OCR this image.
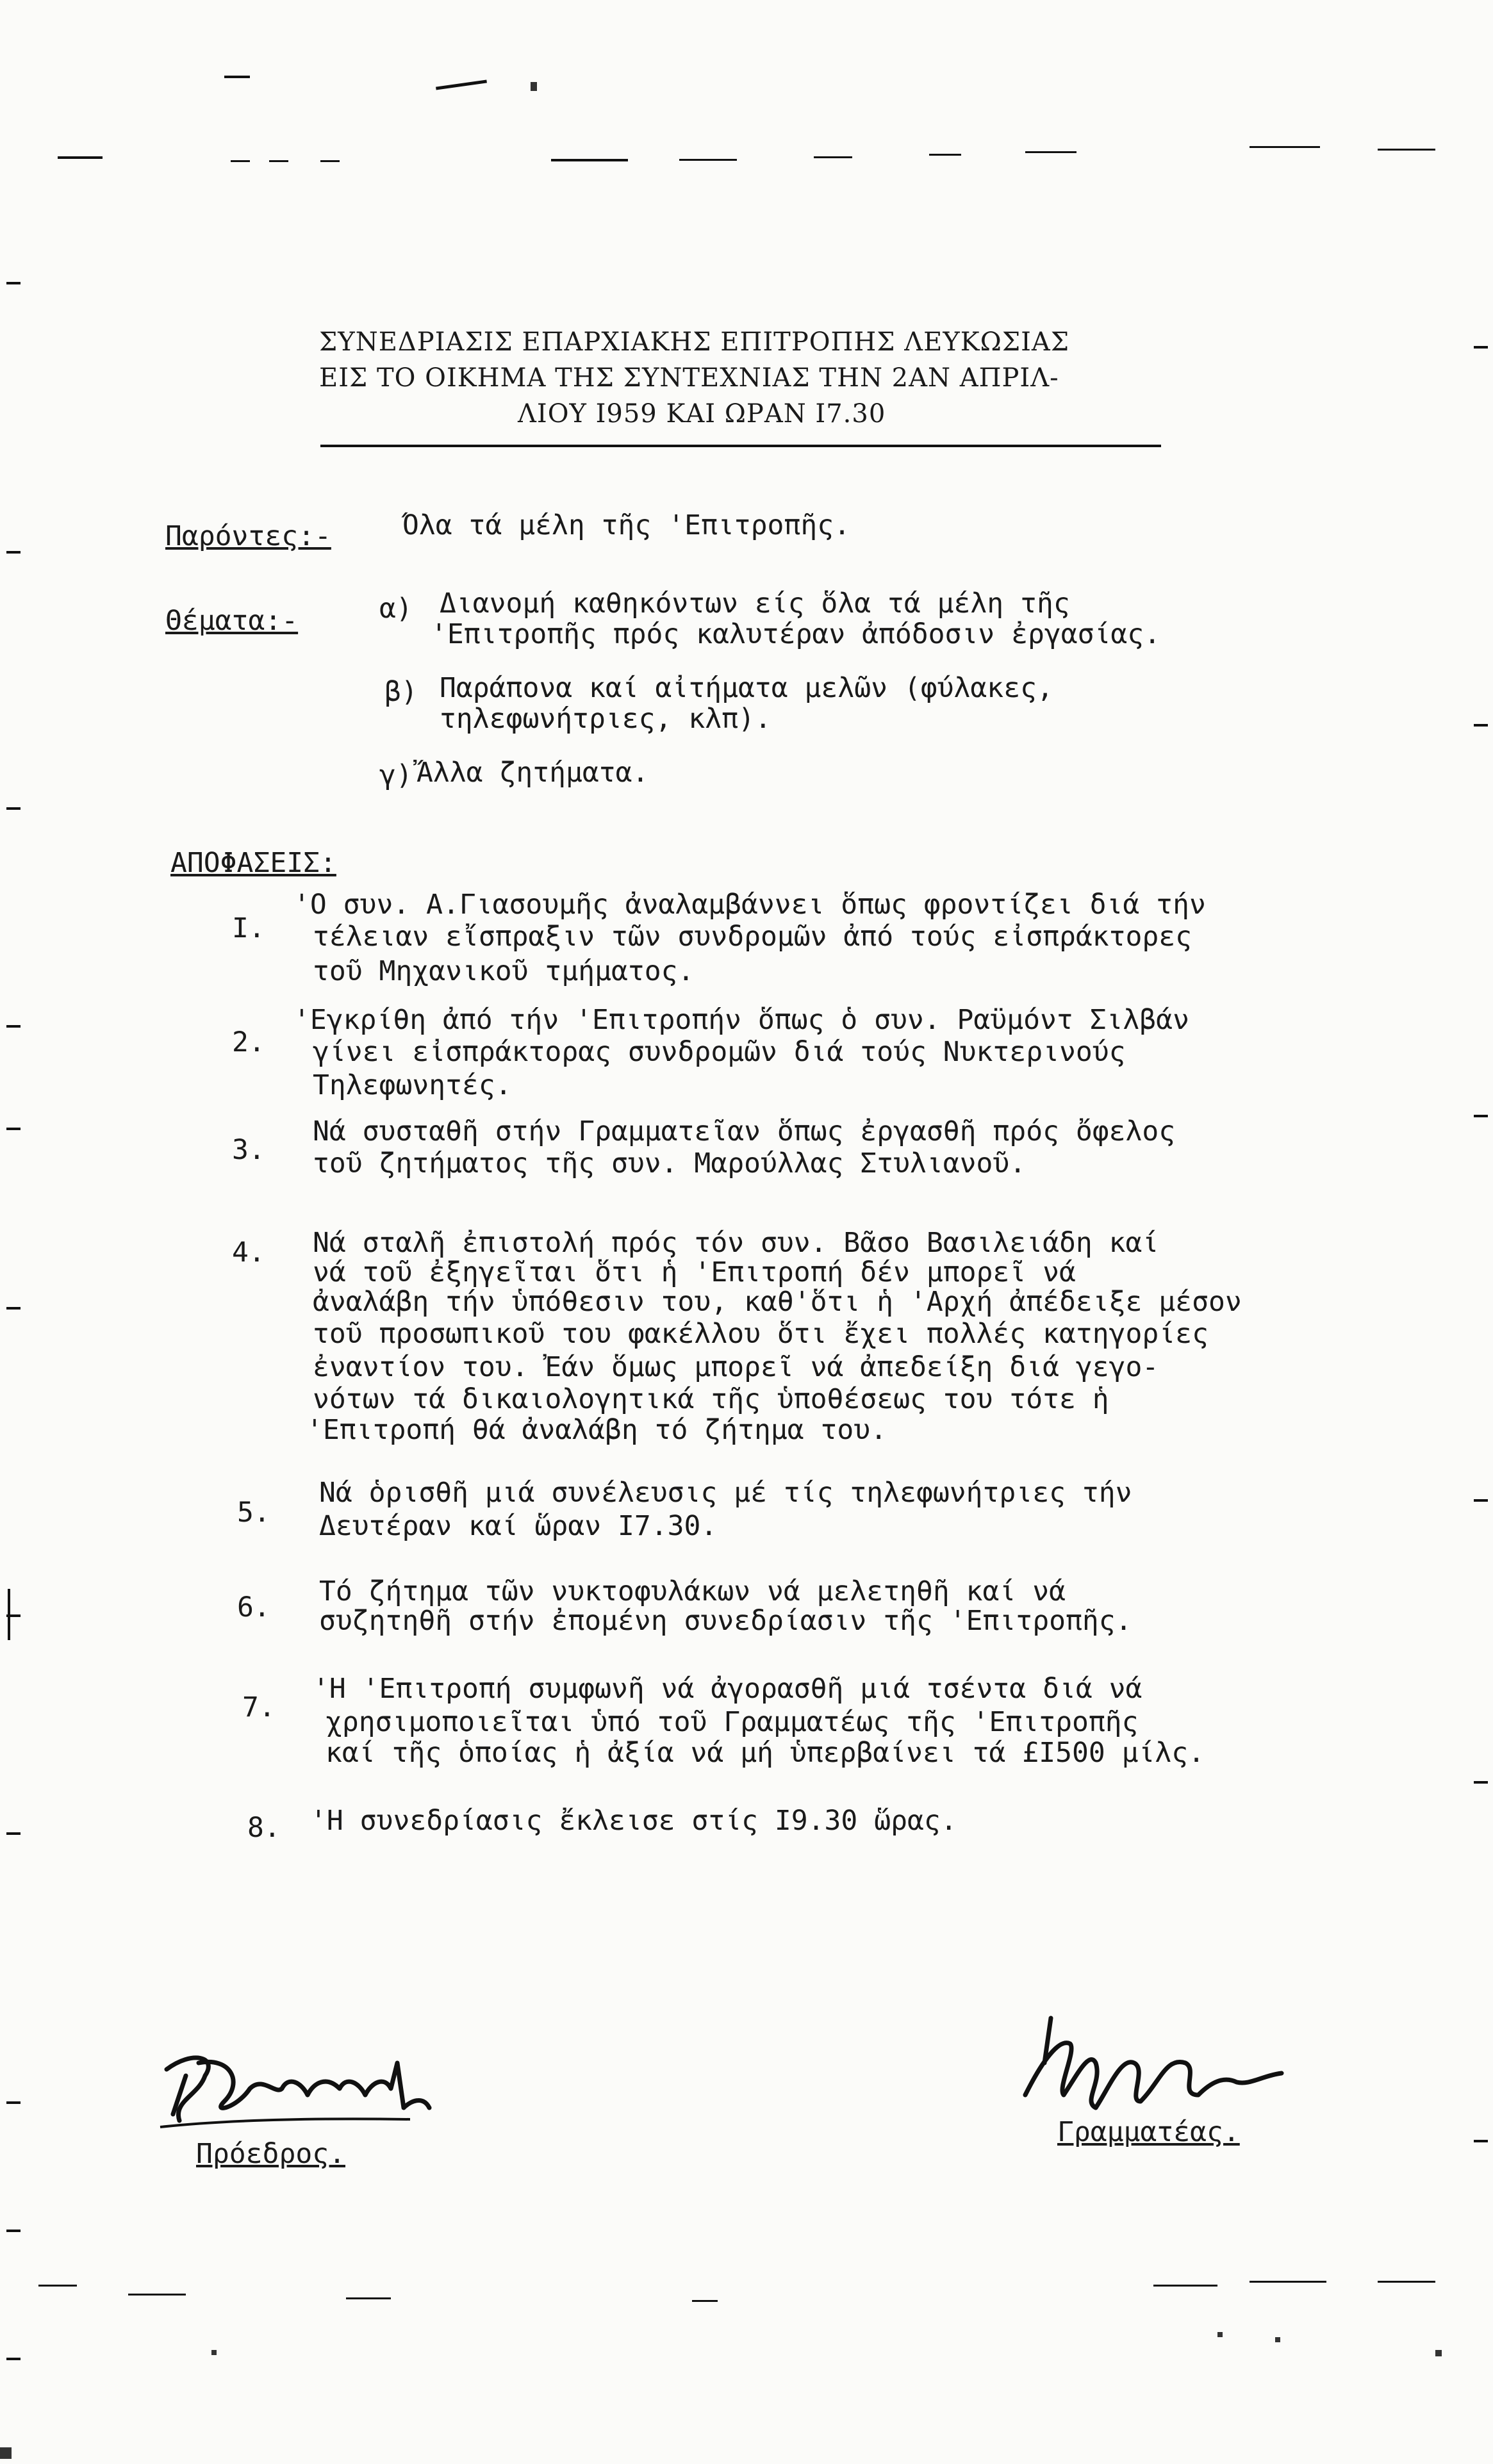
ΣΥΝΕΔΡΙΑΣΙΣ ΕΠΑΡΧΙΑΚΗΣ ΕΠΙΤΡΟΠΗΣ ΛΕΥΚΩΣΙΑΣ
ΕΙΣ ΤΟ ΟΙΚΗΜΑ ΤΗΣ ΣΥΝΤΕΧΝΙΑΣ ΤΗΝ 2ΑΝ ΑΠΡΙΛ-
ΛΙΟΥ I959 ΚΑΙ ΩΡΑΝ I7.30
Παρόντες:-	Όλα τά μέλη τῆς 'Επιτροπῆς.
Θέματα:-	α) Διανομή καθηκόντων είς ὅλα τά μέλη τῆς
'Επιτροπῆς πρός καλυτέραν ἀπόδοσιν ἐργασίας.
β) Παράπονα καί αἰτήματα μελῶν (φύλακες,
τηλεφωνήτριες, κλπ).
γ) Ἄλλα ζητήματα.
ΑΠΟΦΑΣΕΙΣ:
I.
'Ο συν. Α.Γιασουμῆς ἀναλαμβάννει ὅπως φροντίζει διά τήν
τέλειαν εἴσπραξιν τῶν συνδρομῶν ἀπό τούς εἰσπράκτορες
τοῦ Μηχανικοῦ τμήματος.
2.
'Εγκρίθη ἀπό τήν 'Επιτροπήν ὅπως ὁ συν. Ραϋμόντ Σιλβάν
γίνει εἰσπράκτορας συνδρομῶν διά τούς Νυκτερινούς
Τηλεφωνητές.
3.
Νά συσταθῆ στήν Γραμματεῖαν ὅπως ἐργασθῆ πρός ὄφελος
τοῦ ζητήματος τῆς συν. Μαρούλλας Στυλιανοῦ.
4. Νά σταλῆ ἐπιστολή πρός τόν συν. Βᾶσο Βασιλειάδη καί
νά τοῦ ἐξηγεῖται ὅτι ἡ 'Επιτροπή δέν μπορεῖ νά
ἀναλάβη τήν ὑπόθεσιν του, καθ'ὅτι ἡ 'Αρχή ἀπέδειξε μέσον
τοῦ προσωπικοῦ του φακέλλου ὅτι ἔχει πολλές κατηγορίες
ἐναντίον του. Ἐάν ὅμως μπορεῖ νά ἀπεδείξη διά γεγο-
νότων τά δικαιολογητικά τῆς ὑποθέσεως του τότε ἡ
'Επιτροπή θά ἀναλάβη τό ζήτημα του.
5.
Νά ὁρισθῆ μιά συνέλευσις μέ τίς τηλεφωνήτριες τήν
Δευτέραν καί ὥραν I7.30.
6. Τό ζήτημα τῶν νυκτοφυλάκων νά μελετηθῆ καί νά
συζητηθῆ στήν ἐπομένη συνεδρίασιν τῆς 'Επιτροπῆς.
7.
'Η 'Επιτροπή συμφωνῆ νά ἀγορασθῆ μιά τσέντα διά νά
χρησιμοποιεῖται ὑπό τοῦ Γραμματέως τῆς 'Επιτροπῆς
καί τῆς ὁποίας ἡ ἀξία νά μή ὑπερβαίνει τά £I500 μίλς.
8. 'Η συνεδρίασις ἔκλεισε στίς I9.30 ὥρας.
Πρόεδρος.
Γραμματέας.
